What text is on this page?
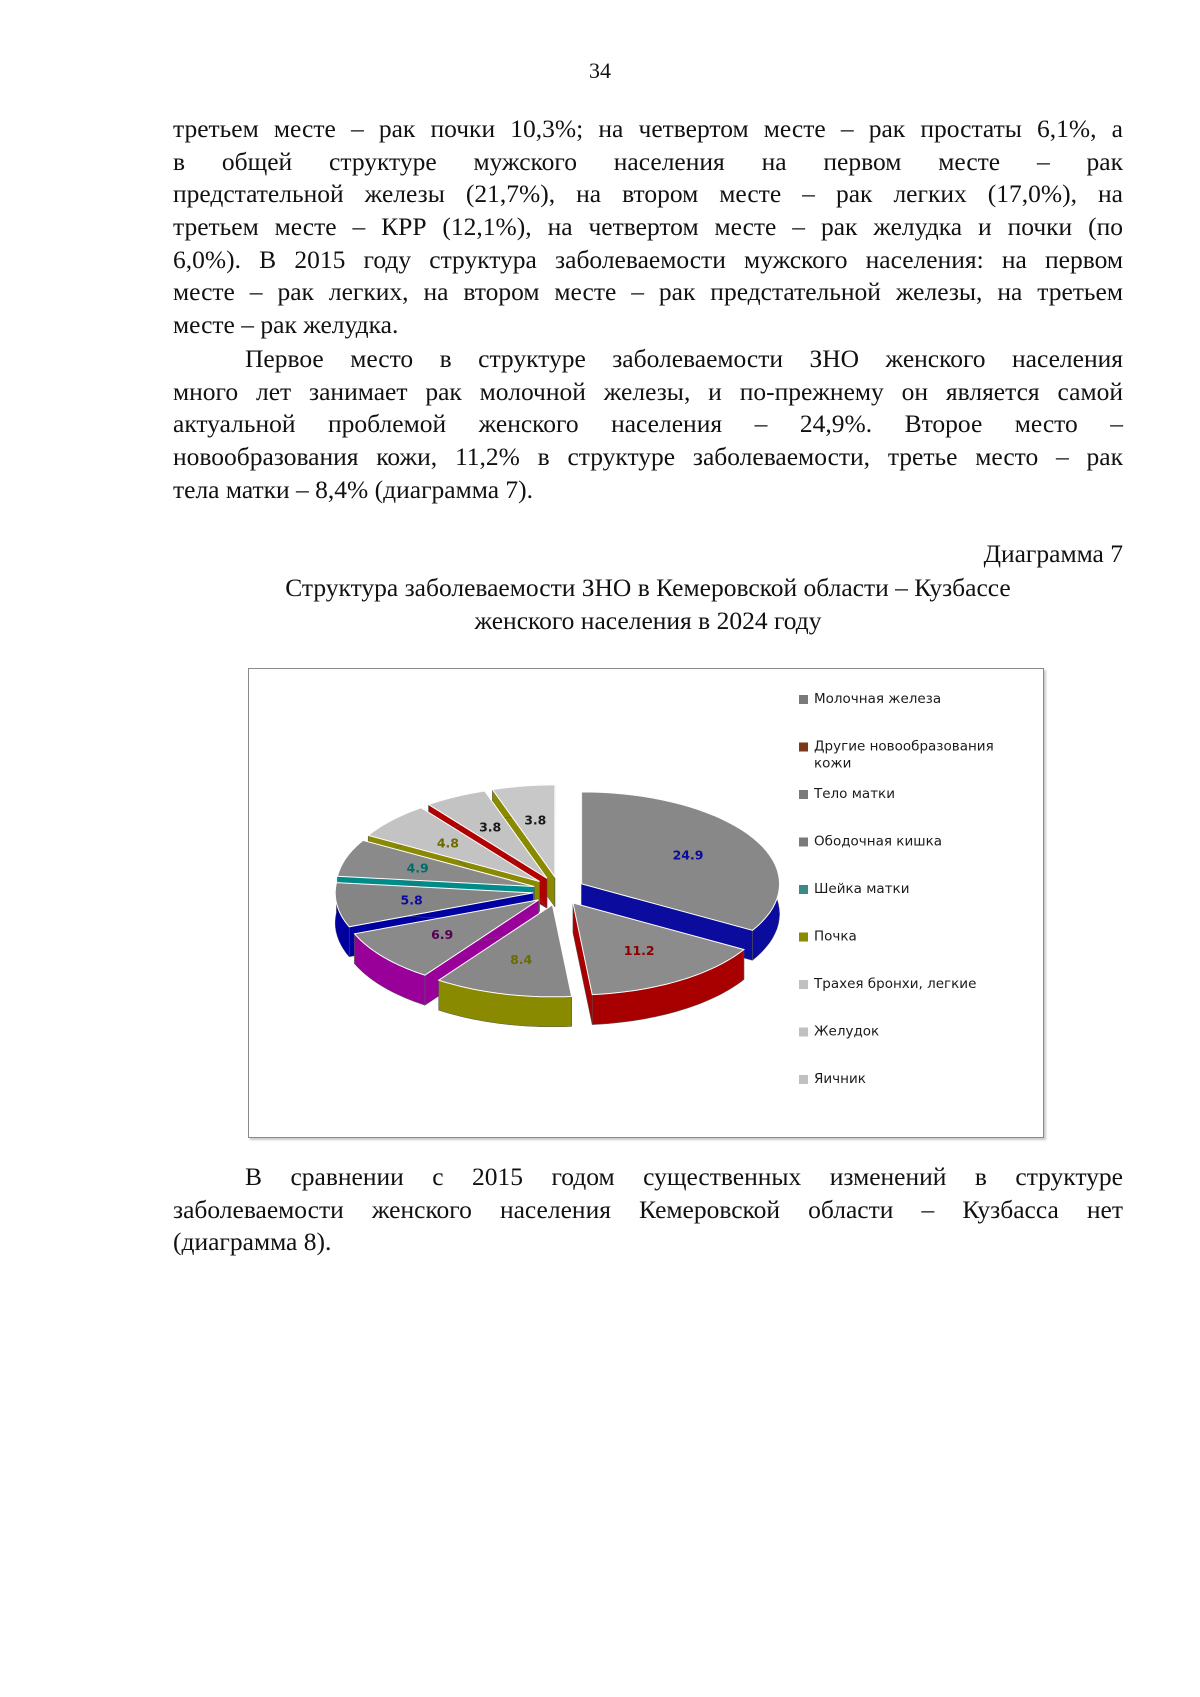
34
третьем месте – рак почки 10,3%; на четвертом месте – рак простаты 6,1%, а
в общей структуре мужского населения на первом месте – рак
предстательной железы (21,7%), на втором месте – рак легких (17,0%), на
третьем месте – КРР (12,1%), на четвертом месте – рак желудка и почки (по
6,0%). В 2015 году структура заболеваемости мужского населения: на первом
месте – рак легких, на втором месте – рак предстательной железы, на третьем
месте – рак желудка.
Первое место в структуре заболеваемости ЗНО женского населения
много лет занимает рак молочной железы, и по-прежнему он является самой
актуальной проблемой женского населения – 24,9%. Второе место –
новообразования кожи, 11,2% в структуре заболеваемости, третье место – рак
тела матки – 8,4% (диаграмма 7).
Диаграмма 7
Структура заболеваемости ЗНО в Кемеровской области – Кузбассе
женского населения в 2024 году
24.9
11.2
8.4
6.9
5.8
4.9
4.8
3.8 3.8
Молочная железа
Другие новообразования
кожи
Тело матки
Ободочная кишка
Шейка матки
Почка
Трахея бронхи, легкие
Желудок
Яичник
В сравнении с 2015 годом существенных изменений в структуре
заболеваемости женского населения Кемеровской области – Кузбасса нет
(диаграмма 8).
